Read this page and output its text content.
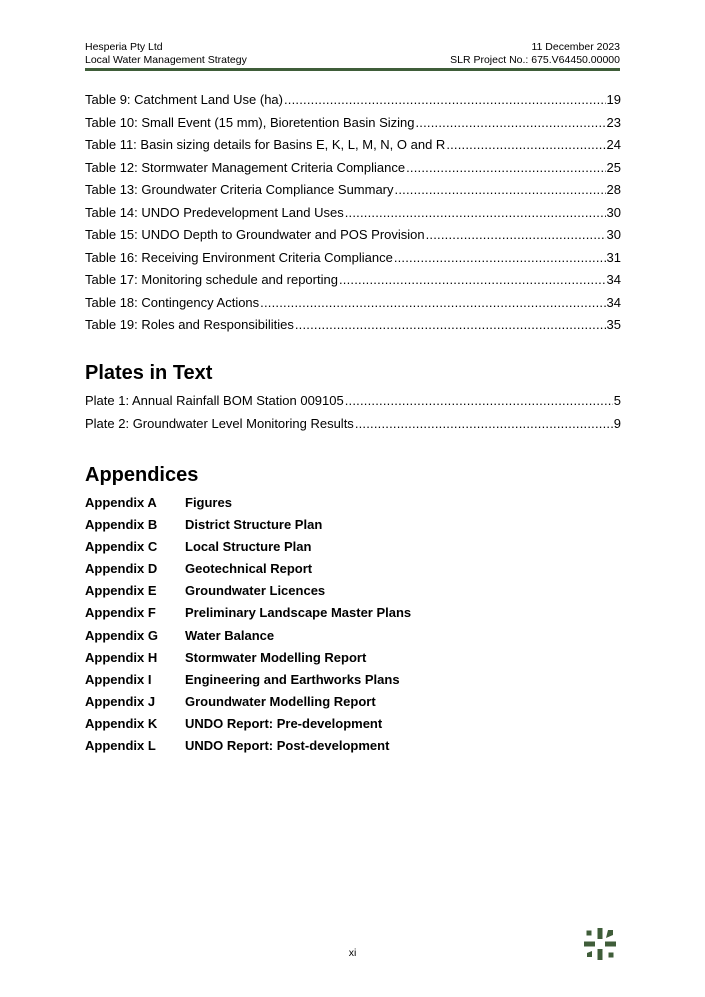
Hesperia Pty Ltd	11 December 2023
Local Water Management Strategy	SLR Project No.: 675.V64450.00000
Table 9: Catchment Land Use (ha) .....	19
Table 10: Small Event (15 mm), Bioretention Basin Sizing .....	23
Table 11: Basin sizing details for Basins E, K, L, M, N, O and R .....	24
Table 12: Stormwater Management Criteria Compliance .....	25
Table 13: Groundwater Criteria Compliance Summary .....	28
Table 14: UNDO Predevelopment Land Uses .....	30
Table 15: UNDO Depth to Groundwater and POS Provision .....	30
Table 16: Receiving Environment Criteria Compliance .....	31
Table 17: Monitoring schedule and reporting .....	34
Table 18: Contingency Actions .....	34
Table 19: Roles and Responsibilities .....	35
Plates in Text
Plate 1: Annual Rainfall BOM Station 009105 .....	5
Plate 2: Groundwater Level Monitoring Results .....	9
Appendices
Appendix A	Figures
Appendix B	District Structure Plan
Appendix C	Local Structure Plan
Appendix D	Geotechnical Report
Appendix E	Groundwater Licences
Appendix F	Preliminary Landscape Master Plans
Appendix G	Water Balance
Appendix H	Stormwater Modelling Report
Appendix I	Engineering and Earthworks Plans
Appendix J	Groundwater Modelling Report
Appendix K	UNDO Report: Pre-development
Appendix L	UNDO Report: Post-development
xi
